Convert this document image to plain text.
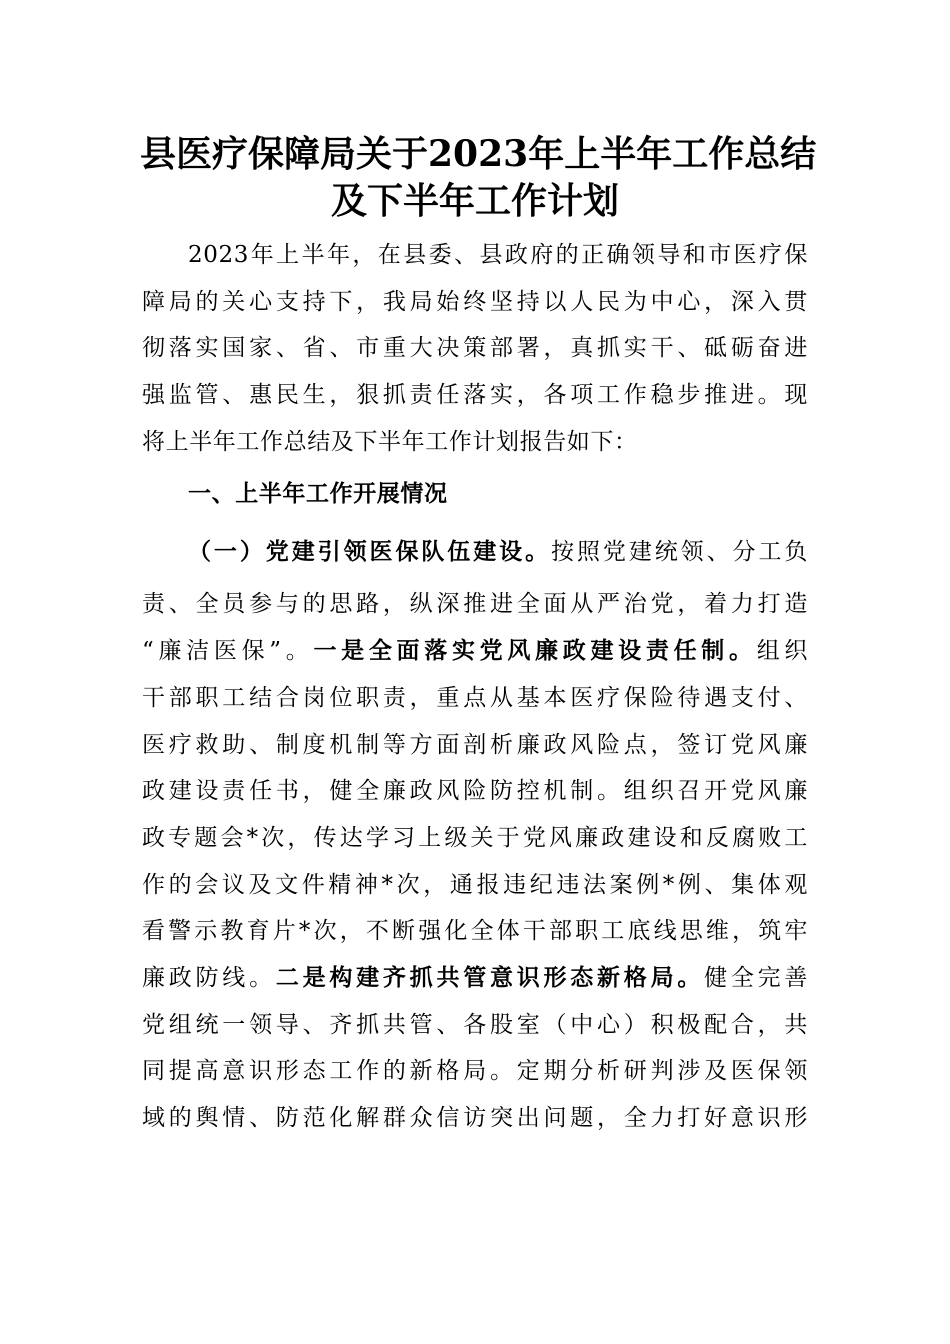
县医疗保障局关于2023年上半年工作总结
及下半年工作计划
2023年上半年，在县委、县政府的正确领导和市医疗保
障局的关心支持下，我局始终坚持以人民为中心，深入贯
彻落实国家、省、市重大决策部署，真抓实干、砥砺奋进
强监管、惠民生，狠抓责任落实，各项工作稳步推进。现
将上半年工作总结及下半年工作计划报告如下：
一、上半年工作开展情况
（一）党建引领医保队伍建设。按照党建统领、分工负
责、全员参与的思路，纵深推进全面从严治党，着力打造
“廉洁医保”。一是全面落实党风廉政建设责任制。组织
干部职工结合岗位职责，重点从基本医疗保险待遇支付、
医疗救助、制度机制等方面剖析廉政风险点，签订党风廉
政建设责任书，健全廉政风险防控机制。组织召开党风廉
政专题会*次，传达学习上级关于党风廉政建设和反腐败工
作的会议及文件精神*次，通报违纪违法案例*例、集体观
看警示教育片*次，不断强化全体干部职工底线思维，筑牢
廉政防线。二是构建齐抓共管意识形态新格局。健全完善
党组统一领导、齐抓共管、各股室（中心）积极配合，共
同提高意识形态工作的新格局。定期分析研判涉及医保领
域的舆情、防范化解群众信访突出问题，全力打好意识形
